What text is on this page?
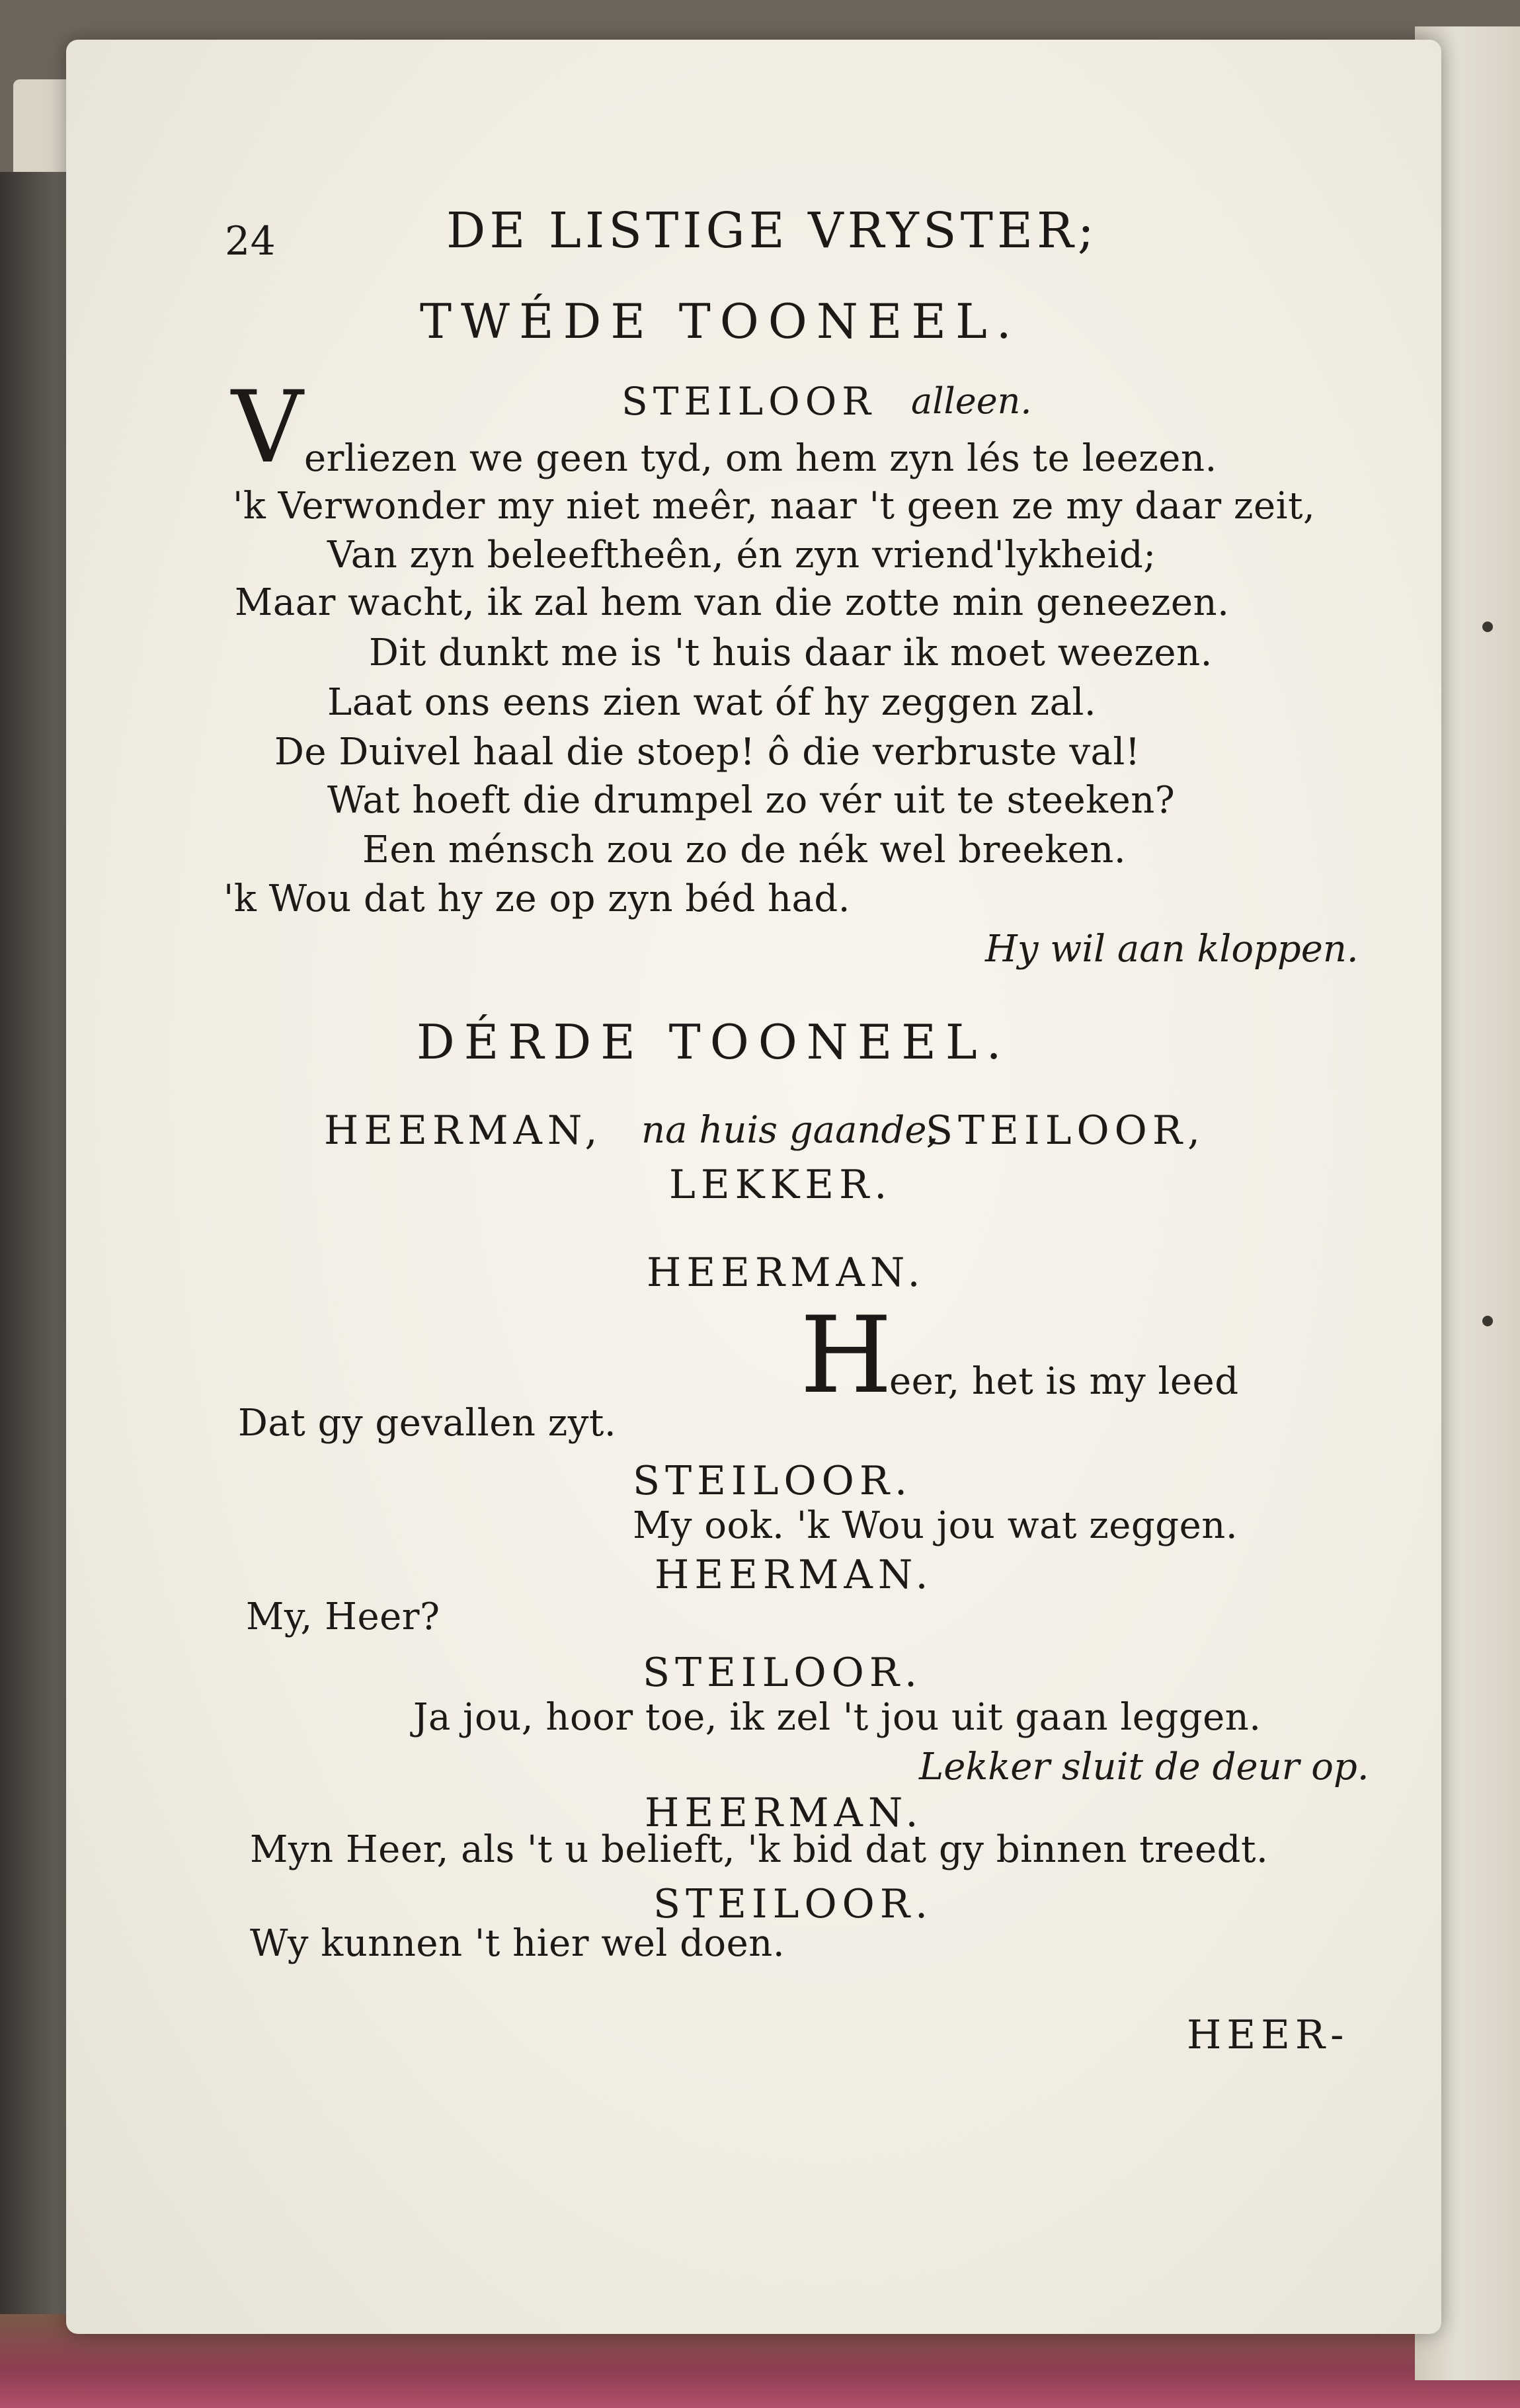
24	DE LISTIGE VRYSTER;
TWÉDE TOONEEL.
STEILOOR alleen.
V erliezen we geen tyd, om hem zyn lés te leezen.
'k Verwonder my niet meêr, naar 't geen ze my daar zeit,
Van zyn beleeftheên, én zyn vriend'lykheid;
Maar wacht, ik zal hem van die zotte min geneezen.
Dit dunkt me is 't huis daar ik moet weezen.
Laat ons eens zien wat óf hy zeggen zal.
De Duivel haal die stoep! ô die verbruste val!
Wat hoeft die drumpel zo vér uit te steeken?
Een ménsch zou zo de nék wel breeken.
'k Wou dat hy ze op zyn béd had.
Hy wil aan kloppen.
DÉRDE TOONEEL.
HEERMAN, na huis gaande,
STEILOOR,
LEKKER.
HEERMAN.
H
eer, het is my leed
Dat gy gevallen zyt.
STEILOOR.
My ook. 'k Wou jou wat zeggen.
HEERMAN.
My, Heer?
STEILOOR.
Ja jou, hoor toe, ik zel 't jou uit gaan leggen.
Lekker sluit de deur op.
HEERMAN.
Myn Heer, als 't u belieft, 'k bid dat gy binnen treedt.
STEILOOR.
Wy kunnen 't hier wel doen.
HEER-
